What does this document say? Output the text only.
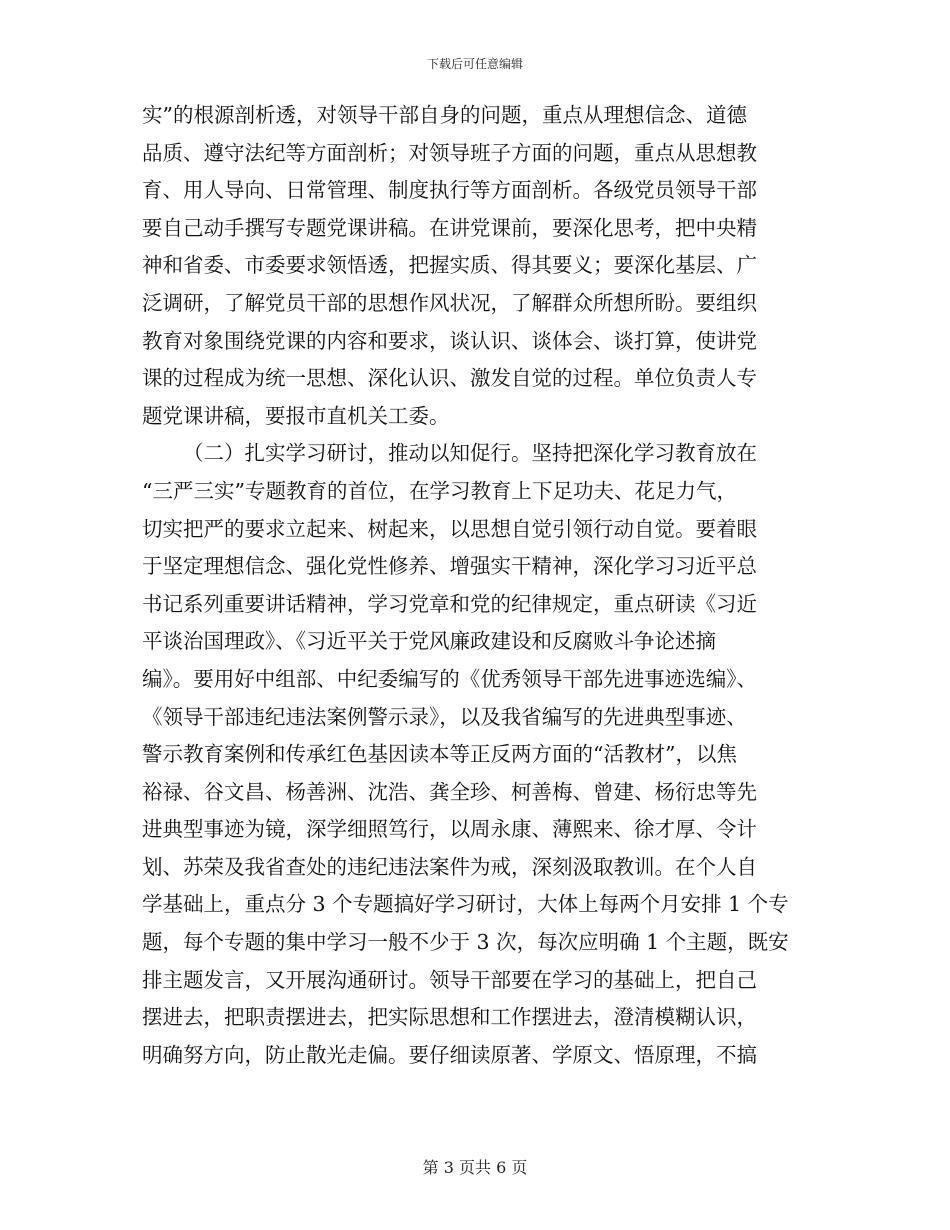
下载后可任意编辑
实”的根源剖析透，对领导干部自身的问题，重点从理想信念、道德
品质、遵守法纪等方面剖析；对领导班子方面的问题，重点从思想教
育、用人导向、日常管理、制度执行等方面剖析。各级党员领导干部
要自己动手撰写专题党课讲稿。在讲党课前，要深化思考，把中央精
神和省委、市委要求领悟透，把握实质、得其要义；要深化基层、广
泛调研，了解党员干部的思想作风状况，了解群众所想所盼。要组织
教育对象围绕党课的内容和要求，谈认识、谈体会、谈打算，使讲党
课的过程成为统一思想、深化认识、激发自觉的过程。单位负责人专
题党课讲稿，要报市直机关工委。
（二）扎实学习研讨，推动以知促行。坚持把深化学习教育放在
“三严三实”专题教育的首位，在学习教育上下足功夫、花足力气，
切实把严的要求立起来、树起来，以思想自觉引领行动自觉。要着眼
于坚定理想信念、强化党性修养、增强实干精神，深化学习习近平总
书记系列重要讲话精神，学习党章和党的纪律规定，重点研读《习近
平谈治国理政》、《习近平关于党风廉政建设和反腐败斗争论述摘
编》。要用好中组部、中纪委编写的《优秀领导干部先进事迹选编》、
《领导干部违纪违法案例警示录》，以及我省编写的先进典型事迹、
警示教育案例和传承红色基因读本等正反两方面的“活教材”，以焦
裕禄、谷文昌、杨善洲、沈浩、龚全珍、柯善梅、曾建、杨衍忠等先
进典型事迹为镜，深学细照笃行，以周永康、薄熙来、徐才厚、令计
划、苏荣及我省查处的违纪违法案件为戒，深刻汲取教训。在个人自
学基础上，重点分 3 个专题搞好学习研讨，大体上每两个月安排 1 个专
题，每个专题的集中学习一般不少于 3 次，每次应明确 1 个主题，既安
排主题发言，又开展沟通研讨。领导干部要在学习的基础上，把自己
摆进去，把职责摆进去，把实际思想和工作摆进去，澄清模糊认识，
明确努方向，防止散光走偏。要仔细读原著、学原文、悟原理，不搞
第 3 页共 6 页
